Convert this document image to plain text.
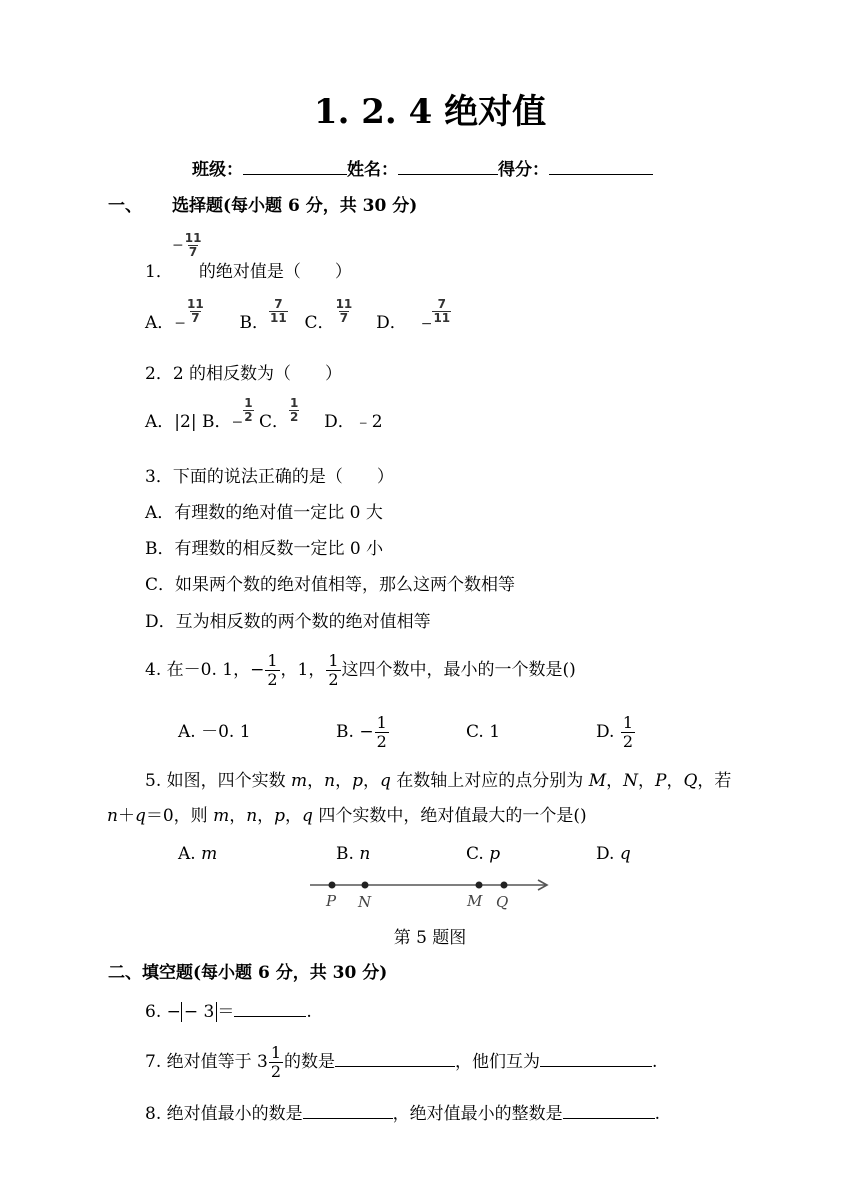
1. 2. 4 绝对值
班级：	姓名：	得分：
一、 选择题(每小题 6 分，共 30 分)
− $\frac{11}{7}$
1． 的绝对值是（　　）
A．− $\frac{11}{7}$ B． $\frac{7}{11}$ C． $\frac{11}{7}$ D． − $\frac{7}{11}$
2．2 的相反数为（　　）
A．|2| B．− $\frac{1}{2}$ C． $\frac{1}{2}$ D．﹣2
3．下面的说法正确的是（　　）
A．有理数的绝对值一定比 0 大
B．有理数的相反数一定比 0 小
C．如果两个数的绝对值相等，那么这两个数相等
D．互为相反数的两个数的绝对值相等
4. 在－0. 1，− $\frac{1}{2}$ ，1， $\frac{1}{2}$ 这四个数中，最小的一个数是()
A. －0. 1	B. − $\frac{1}{2}$	C. 1	D. $\frac{1}{2}$
5. 如图，四个实数 m，n，p，q 在数轴上对应的点分别为 M，N，P，Q，若
n＋q＝0，则 m，n，p，q 四个实数中，绝对值最大的一个是()
A. m	B. n	C. p	D. q
P N	M Q
第 5 题图
二、填空题(每小题 6 分，共 30 分)
6. − − 3 ＝	.
7. 绝对值等于 $3 \frac{1}{2}$ 的数是	，他们互为	.
8. 绝对值最小的数是	，绝对值最小的整数是	.
